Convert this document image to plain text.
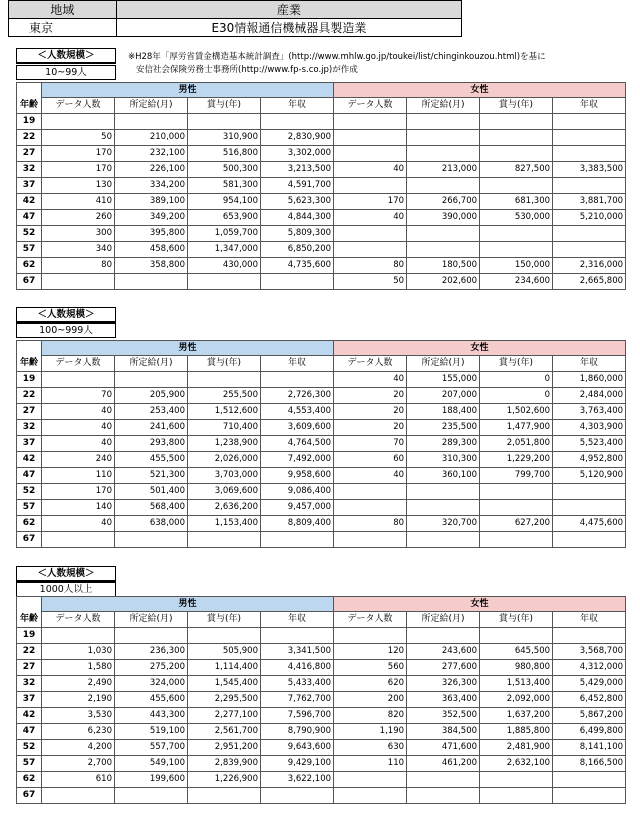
地域	産業
東京	E30情報通信機械器具製造業
※H28年「厚労省賃金構造基本統計調査」(http://www.mhlw.go.jp/toukei/list/chinginkouzou.html)を基に
安信社会保険労務士事務所(http://www.fp-s.co.jp)が作成
＜人数規模＞
10~99人
	男性				女性			
年齢	データ人数	所定給(月)	賞与(年)	年収	データ人数	所定給(月)	賞与(年)	年収
19								
22	50	210,000	310,900	2,830,900				
27	170	232,100	516,800	3,302,000				
32	170	226,100	500,300	3,213,500	40	213,000	827,500	3,383,500
37	130	334,200	581,300	4,591,700				
42	410	389,100	954,100	5,623,300	170	266,700	681,300	3,881,700
47	260	349,200	653,900	4,844,300	40	390,000	530,000	5,210,000
52	300	395,800	1,059,700	5,809,300				
57	340	458,600	1,347,000	6,850,200				
62	80	358,800	430,000	4,735,600	80	180,500	150,000	2,316,000
67					50	202,600	234,600	2,665,800
＜人数規模＞
100~999人
	男性				女性			
年齢	データ人数	所定給(月)	賞与(年)	年収	データ人数	所定給(月)	賞与(年)	年収
19					40	155,000	0	1,860,000
22	70	205,900	255,500	2,726,300	20	207,000	0	2,484,000
27	40	253,400	1,512,600	4,553,400	20	188,400	1,502,600	3,763,400
32	40	241,600	710,400	3,609,600	20	235,500	1,477,900	4,303,900
37	40	293,800	1,238,900	4,764,500	70	289,300	2,051,800	5,523,400
42	240	455,500	2,026,000	7,492,000	60	310,300	1,229,200	4,952,800
47	110	521,300	3,703,000	9,958,600	40	360,100	799,700	5,120,900
52	170	501,400	3,069,600	9,086,400				
57	140	568,400	2,636,200	9,457,000				
62	40	638,000	1,153,400	8,809,400	80	320,700	627,200	4,475,600
67								
＜人数規模＞
1000人以上
	男性				女性			
年齢	データ人数	所定給(月)	賞与(年)	年収	データ人数	所定給(月)	賞与(年)	年収
19								
22	1,030	236,300	505,900	3,341,500	120	243,600	645,500	3,568,700
27	1,580	275,200	1,114,400	4,416,800	560	277,600	980,800	4,312,000
32	2,490	324,000	1,545,400	5,433,400	620	326,300	1,513,400	5,429,000
37	2,190	455,600	2,295,500	7,762,700	200	363,400	2,092,000	6,452,800
42	3,530	443,300	2,277,100	7,596,700	820	352,500	1,637,200	5,867,200
47	6,230	519,100	2,561,700	8,790,900	1,190	384,500	1,885,800	6,499,800
52	4,200	557,700	2,951,200	9,643,600	630	471,600	2,481,900	8,141,100
57	2,700	549,100	2,839,900	9,429,100	110	461,200	2,632,100	8,166,500
62	610	199,600	1,226,900	3,622,100				
67								
